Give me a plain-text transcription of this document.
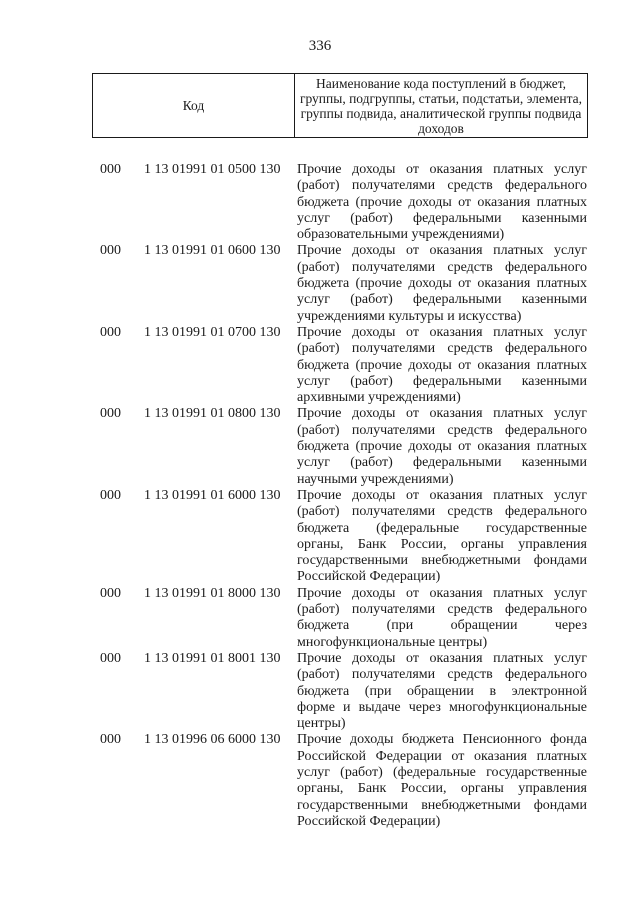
336
Код	Наименование кода поступлений в бюджет, группы, подгруппы, статьи, подстатьи, элемента, группы подвида, аналитической группы подвида доходов
000	1 13 01991 01 0500 130	Прочие доходы от оказания платных услуг
(работ) получателями средств федерального
бюджета (прочие доходы от оказания платных
услуг (работ) федеральными казенными
образовательными учреждениями)
000	1 13 01991 01 0600 130	Прочие доходы от оказания платных услуг
(работ) получателями средств федерального
бюджета (прочие доходы от оказания платных
услуг (работ) федеральными казенными
учреждениями культуры и искусства)
000	1 13 01991 01 0700 130	Прочие доходы от оказания платных услуг
(работ) получателями средств федерального
бюджета (прочие доходы от оказания платных
услуг (работ) федеральными казенными
архивными учреждениями)
000	1 13 01991 01 0800 130	Прочие доходы от оказания платных услуг
(работ) получателями средств федерального
бюджета (прочие доходы от оказания платных
услуг (работ) федеральными казенными
научными учреждениями)
000	1 13 01991 01 6000 130	Прочие доходы от оказания платных услуг
(работ) получателями средств федерального
бюджета (федеральные государственные
органы, Банк России, органы управления
государственными внебюджетными фондами
Российской Федерации)
000	1 13 01991 01 8000 130	Прочие доходы от оказания платных услуг
(работ) получателями средств федерального
бюджета (при обращении через
многофункциональные центры)
000	1 13 01991 01 8001 130	Прочие доходы от оказания платных услуг
(работ) получателями средств федерального
бюджета (при обращении в электронной
форме и выдаче через многофункциональные
центры)
000	1 13 01996 06 6000 130	Прочие доходы бюджета Пенсионного фонда
Российской Федерации от оказания платных
услуг (работ) (федеральные государственные
органы, Банк России, органы управления
государственными внебюджетными фондами
Российской Федерации)
